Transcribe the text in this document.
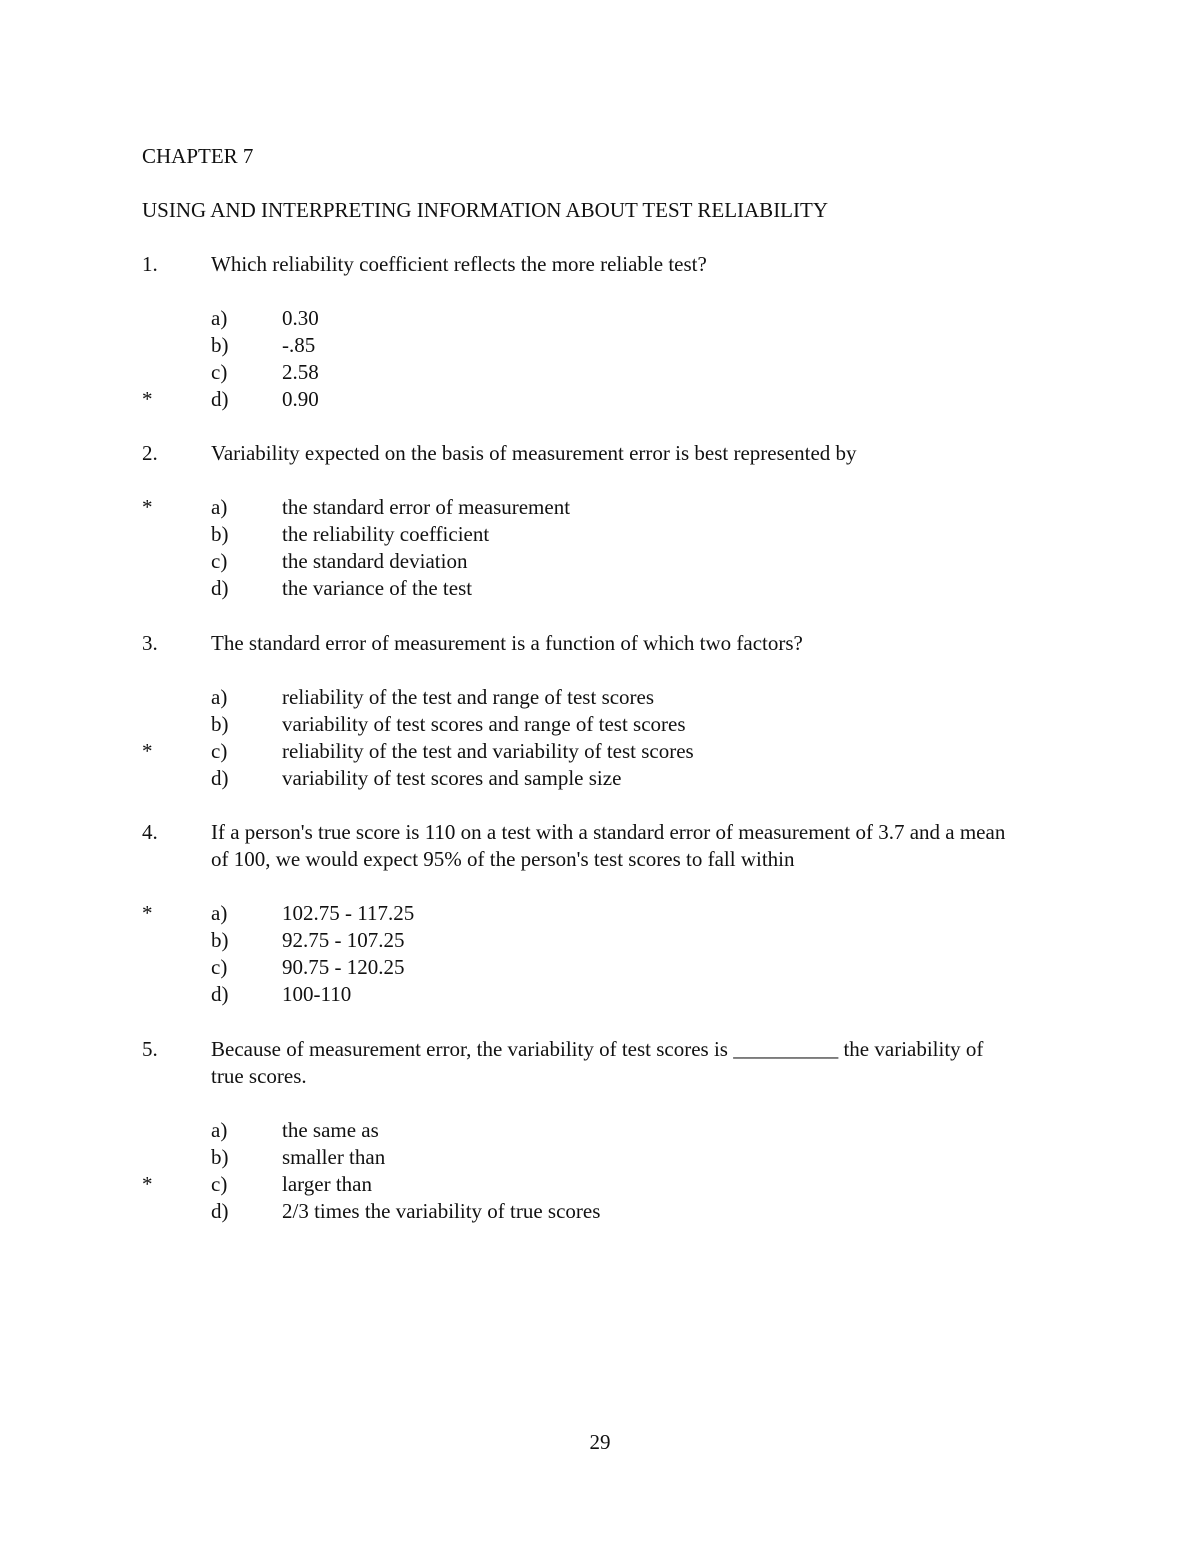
CHAPTER 7
USING AND INTERPRETING INFORMATION ABOUT TEST RELIABILITY
1.	Which reliability coefficient reflects the more reliable test?
a)	0.30
b)	-.85
c)	2.58
*	d)	0.90
2.	Variability expected on the basis of measurement error is best represented by
*	a)	the standard error of measurement
b)	the reliability coefficient
c)	the standard deviation
d)	the variance of the test
3.	The standard error of measurement is a function of which two factors?
a)	reliability of the test and range of test scores
b)	variability of test scores and range of test scores
*	c)	reliability of the test and variability of test scores
d)	variability of test scores and sample size
4.	If a person's true score is 110 on a test with a standard error of measurement of 3.7 and a mean of 100, we would expect 95% of the person's test scores to fall within
*	a)	102.75 - 117.25
b)	92.75 - 107.25
c)	90.75 - 120.25
d)	100-110
5.	Because of measurement error, the variability of test scores is __________ the variability of true scores.
a)	the same as
b)	smaller than
*	c)	larger than
d)	2/3 times the variability of true scores
29
